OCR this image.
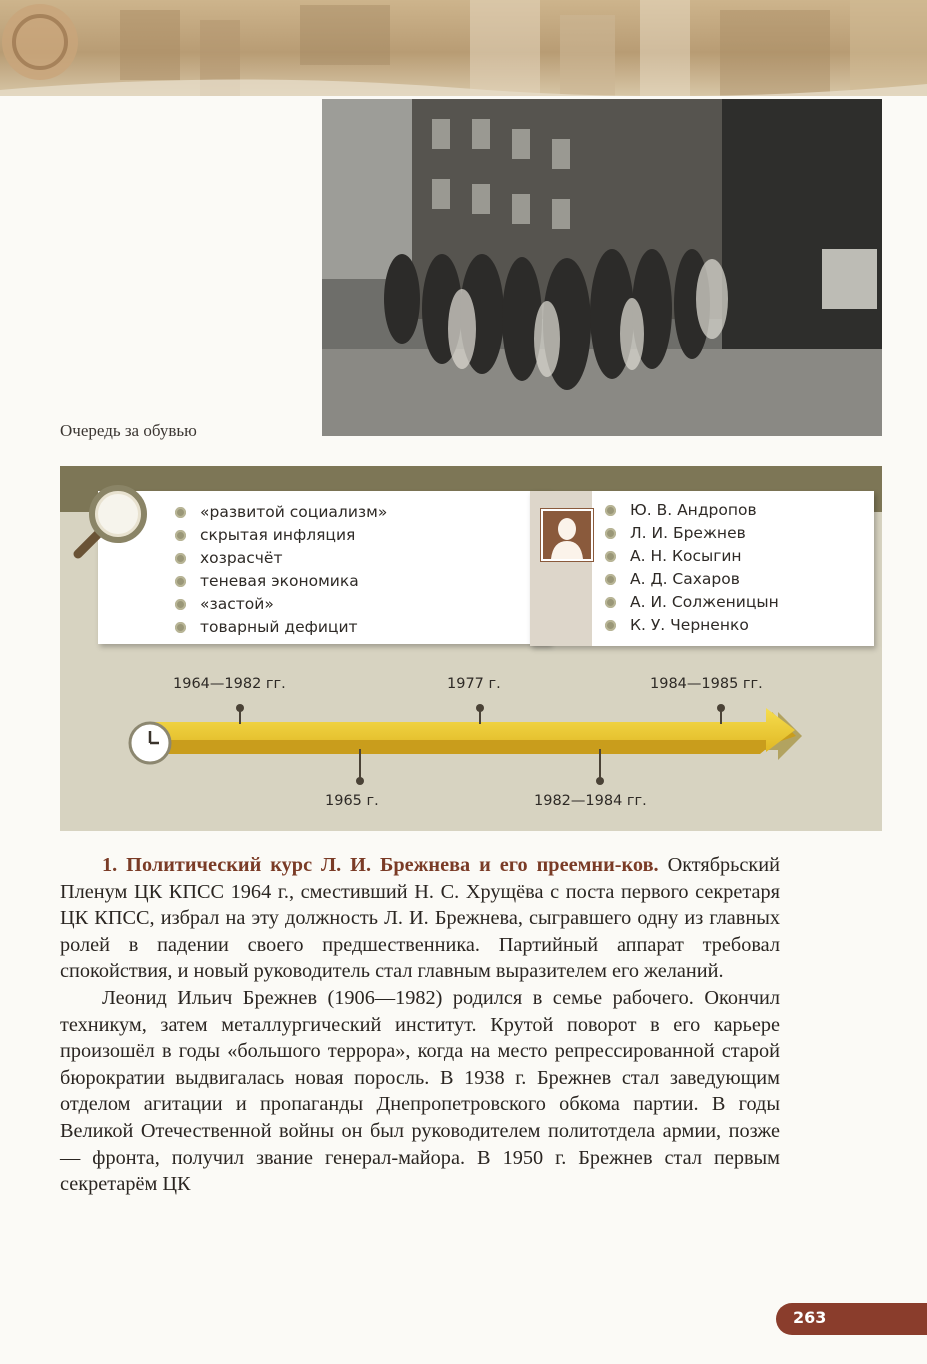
Очередь за обувью
«развитой социализм»
скрытая инфляция
хозрасчёт
теневая экономика
«застой»
товарный дефицит
Ю. В. Андропов
Л. И. Брежнев
А. Н. Косыгин
А. Д. Сахаров
А. И. Солженицын
К. У. Черненко
1964—1982 гг.	1977 г.	1984—1985 гг.
1965 г.	1982—1984 гг.

1. Политический курс Л. И. Брежнева и его преемни-ков. Октябрьский Пленум ЦК КПСС 1964 г., сместивший Н. С. Хрущёва с поста первого секретаря ЦК КПСС, избрал на эту должность Л. И. Брежнева, сыгравшего одну из главных ролей в падении своего предшественника. Партийный аппарат требовал спокойствия, и новый руководитель стал главным выразителем его желаний.

Леонид Ильич Брежнев (1906—1982) родился в семье рабочего. Окончил техникум, затем металлургический институт. Крутой поворот в его карьере произошёл в годы «большого террора», когда на место репрессированной старой бюрократии выдвигалась новая поросль. В 1938 г. Брежнев стал заведующим отделом агитации и пропаганды Днепропетровского обкома партии. В годы Великой Отечественной войны он был руководителем политотдела армии, позже — фронта, получил звание генерал-майора. В 1950 г. Брежнев стал первым секретарём ЦК

263
